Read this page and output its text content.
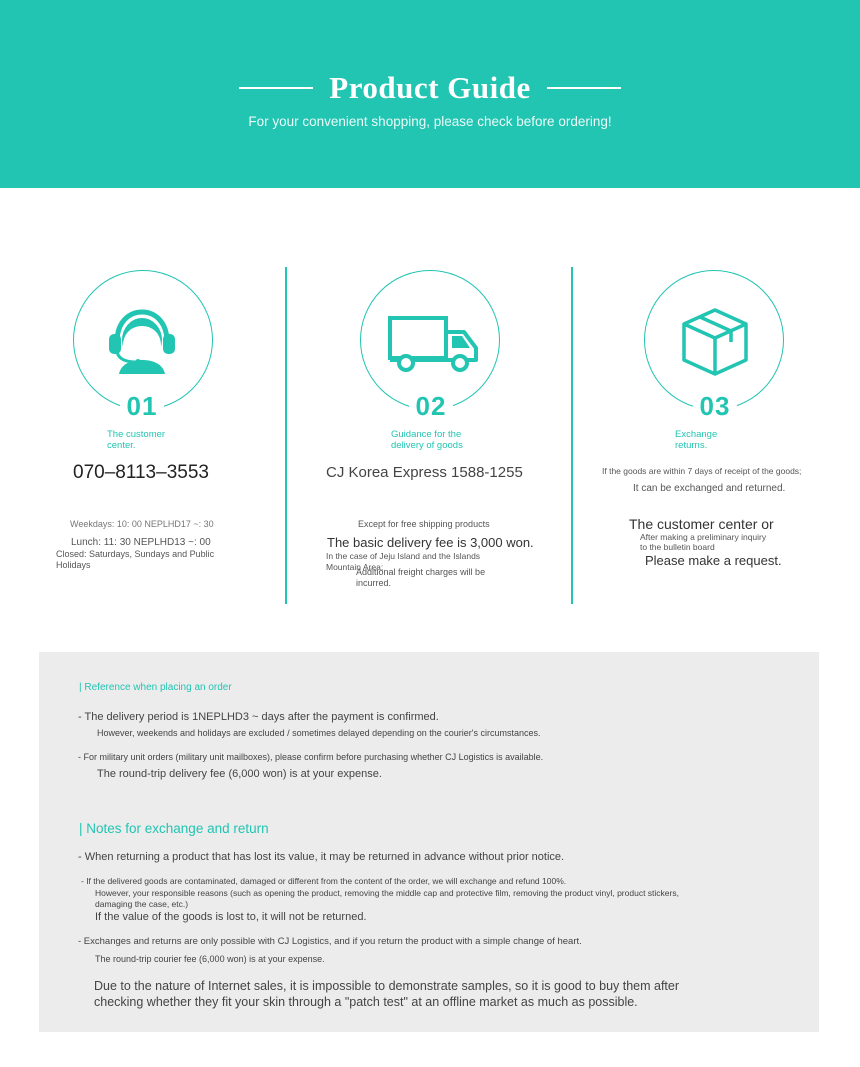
Product Guide
For your convenient shopping, please check before ordering!
01
The customer
center.
070–8113–3553
Weekdays: 10: 00 NEPLHD17 ~: 30
Lunch: 11: 30 NEPLHD13 ~: 00
Closed: Saturdays, Sundays and Public
Holidays
02
Guidance for the
delivery of goods
CJ Korea Express 1588-1255
Except for free shipping products
The basic delivery fee is 3,000 won.
In the case of Jeju Island and the Islands
Mountain Area;
Additional freight charges will be
incurred.
03
Exchange
returns.
If the goods are within 7 days of receipt of the goods;
It can be exchanged and returned.
The customer center or
After making a preliminary inquiry
to the bulletin board
Please make a request.
| Reference when placing an order
- The delivery period is 1NEPLHD3 ~ days after the payment is confirmed.
However, weekends and holidays are excluded / sometimes delayed depending on the courier's circumstances.
- For military unit orders (military unit mailboxes), please confirm before purchasing whether CJ Logistics is available.
The round-trip delivery fee (6,000 won) is at your expense.
| Notes for exchange and return
- When returning a product that has lost its value, it may be returned in advance without prior notice.
- If the delivered goods are contaminated, damaged or different from the content of the order, we will exchange and refund 100%.
However, your responsible reasons (such as opening the product, removing the middle cap and protective film, removing the product vinyl, product stickers,
damaging the case, etc.)
If the value of the goods is lost to, it will not be returned.
- Exchanges and returns are only possible with CJ Logistics, and if you return the product with a simple change of heart.
The round-trip courier fee (6,000 won) is at your expense.
Due to the nature of Internet sales, it is impossible to demonstrate samples, so it is good to buy them after
checking whether they fit your skin through a "patch test" at an offline market as much as possible.
